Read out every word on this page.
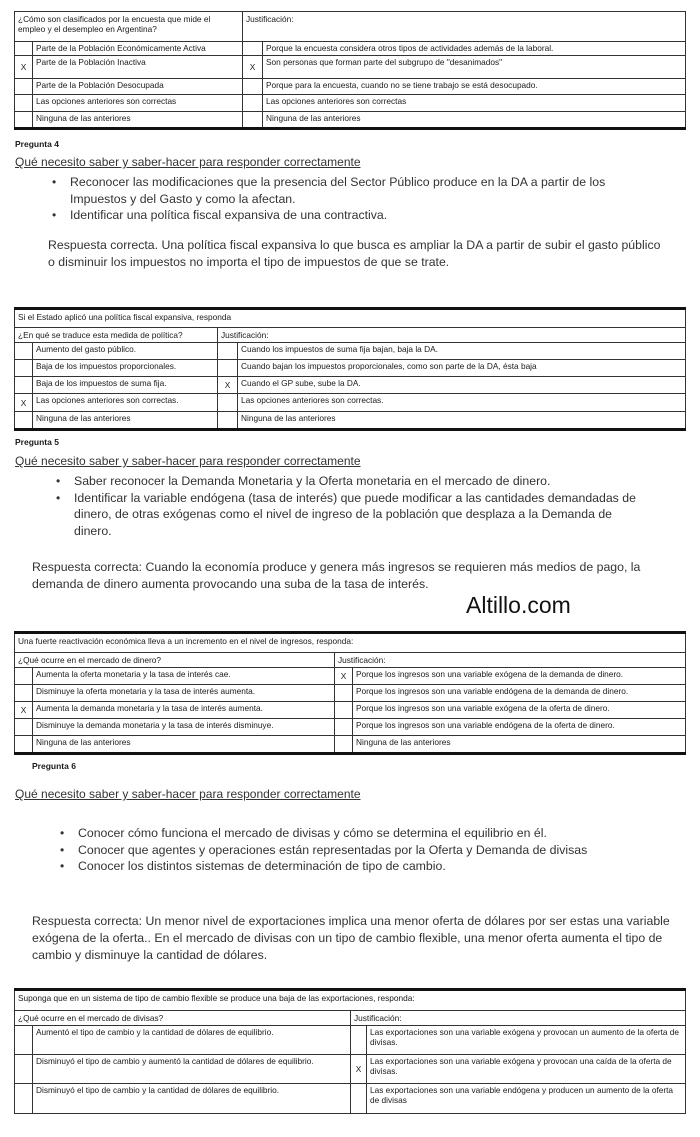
¿Cómo son clasificados por la encuesta que mide el empleo y el desempleo en Argentina?		Justificación:	
	Parte de la Población Económicamente Activa		Porque la encuesta considera otros tipos de actividades además de la laboral.
X	Parte de la Población Inactiva	X	Son personas que forman parte del subgrupo de "desanimados"
	Parte de la Población Desocupada		Porque para la encuesta, cuando no se tiene trabajo se está desocupado.
	Las opciones anteriores son correctas		Las opciones anteriores son correctas
	Ninguna de las anteriores		Ninguna de las anteriores
Pregunta 4
Qué necesito saber y saber-hacer para responder correctamente
• Reconocer las modificaciones que la presencia del Sector Público produce en la DA a partir de los Impuestos y del Gasto y como la afectan.
• Identificar una política fiscal expansiva de una contractiva.
Respuesta correcta. Una política fiscal expansiva lo que busca es ampliar la DA a partir de subir el gasto público o disminuir los impuestos no importa el tipo de impuestos de que se trate.
Si el Estado aplicó una política fiscal expansiva, responda			
¿En qué se traduce esta medida de política?		Justificación:	
	Aumento del gasto público.		Cuando los impuestos de suma fija bajan, baja la DA.
	Baja de los impuestos proporcionales.		Cuando bajan los impuestos proporcionales, como son parte de la DA, ésta baja
	Baja de los impuestos de suma fija.	X	Cuando el GP sube, sube la DA.
X	Las opciones anteriores son correctas.		Las opciones anteriores son correctas.
	Ninguna de las anteriores		Ninguna de las anteriores
Pregunta 5
Qué necesito saber y saber-hacer para responder correctamente
• Saber reconocer la Demanda Monetaria y la Oferta monetaria en el mercado de dinero.
• Identificar la variable endógena (tasa de interés) que puede modificar a las cantidades demandadas de dinero, de otras exógenas como el nivel de ingreso de la población que desplaza a la Demanda de dinero.
Respuesta correcta: Cuando la economía produce y genera más ingresos se requieren más medios de pago, la demanda de dinero aumenta provocando una suba de la tasa de interés.
Altillo.com
Una fuerte reactivación económica lleva a un incremento en el nivel de ingresos, responda:			
¿Qué ocurre en el mercado de dinero?		Justificación:	
	Aumenta la oferta monetaria y la tasa de interés cae.	X	Porque los ingresos son una variable exógena de la demanda de dinero.
	Disminuye la oferta monetaria y la tasa de interés aumenta.		Porque los ingresos son una variable endógena de la demanda de dinero.
X	Aumenta la demanda monetaria y la tasa de interés aumenta.		Porque los ingresos son una variable exógena de la oferta de dinero.
	Disminuye la demanda monetaria y la tasa de interés disminuye.		Porque los ingresos son una variable endógena de la oferta de dinero.
	Ninguna de las anteriores		Ninguna de las anteriores
Pregunta 6
Qué necesito saber y saber-hacer para responder correctamente
• Conocer cómo funciona el mercado de divisas y cómo se determina el equilibrio en él.
• Conocer que agentes y operaciones están representadas por la Oferta y Demanda de divisas
• Conocer los distintos sistemas de determinación de tipo de cambio.
Respuesta correcta: Un menor nivel de exportaciones implica una menor oferta de dólares por ser estas una variable exógena de la oferta.. En el mercado de divisas con un tipo de cambio flexible, una menor oferta aumenta el tipo de cambio y disminuye la cantidad de dólares.
Suponga que en un sistema de tipo de cambio flexible se produce una baja de las exportaciones, responda:			
¿Qué ocurre en el mercado de divisas?		Justificación:	
	Aumentó el tipo de cambio y la cantidad de dólares de equilibrio.		Las exportaciones son una variable exógena y provocan un aumento de la oferta de divisas.
	Disminuyó el tipo de cambio y aumentó la cantidad de dólares de equilibrio.	X	Las exportaciones son una variable exógena y provocan una caída de la oferta de divisas.
	Disminuyó el tipo de cambio y la cantidad de dólares de equilibrio.		Las exportaciones son una variable endógena y producen un aumento de la oferta de divisas
